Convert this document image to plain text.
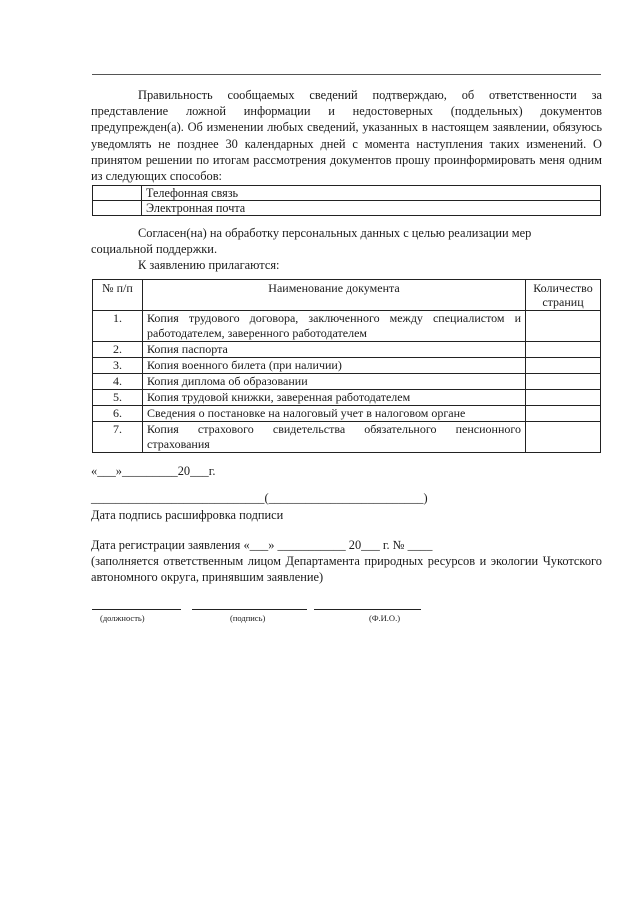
Правильность сообщаемых сведений подтверждаю, об ответственности за

представление ложной информации и недостоверных (поддельных) документов предупрежден(а). Об изменении любых сведений, указанных в настоящем заявлении, обязуюсь уведомлять не позднее 30 календарных дней с момента наступления таких изменений. О принятом решении по итогам рассмотрения документов прошу проинформировать меня одним из следующих способов:

	Телефонная связь
	Электронная почта
Согласен(на) на обработку персональных данных с целью реализации мер социальной поддержки.
К заявлению прилагаются:
№ п/п	Наименование документа	Количество страниц
1.	Копия трудового договора, заключенного между специалистом и работодателем, заверенного работодателем	
2.	Копия паспорта	
3.	Копия военного билета (при наличии)	
4.	Копия диплома об образовании	
5.	Копия трудовой книжки, заверенная работодателем	
6.	Сведения о постановке на налоговый учет в налоговом органе	
7.	Копия страхового свидетельства обязательного пенсионного страхования	
«___»_________20___г.
____________________________(_________________________)
Дата подпись расшифровка подписи
Дата регистрации заявления «___» ___________ 20___ г. № ____
(заполняется ответственным лицом Департамента природных ресурсов и экологии Чукотского автономного округа, принявшим заявление)
(должность)	(подпись)	(Ф.И.О.)
